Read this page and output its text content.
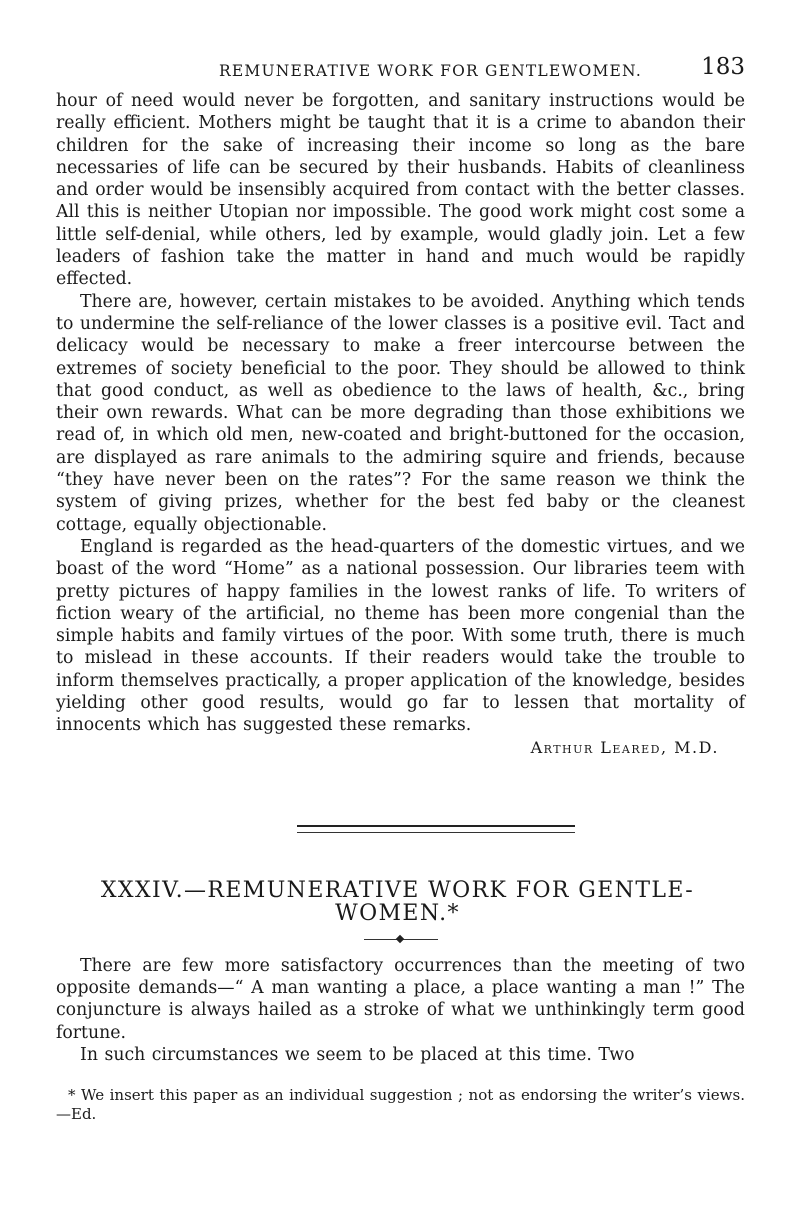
REMUNERATIVE WORK FOR GENTLEWOMEN.	183

hour of need would never be forgotten, and sanitary instructions would be really efficient. Mothers might be taught that it is a crime to abandon their children for the sake of increasing their income so long as the bare necessaries of life can be secured by their husbands. Habits of cleanliness and order would be insensibly acquired from contact with the better classes. All this is neither Utopian nor impossible. The good work might cost some a little self-denial, while others, led by example, would gladly join. Let a few leaders of fashion take the matter in hand and much would be rapidly effected.

There are, however, certain mistakes to be avoided. Anything which tends to undermine the self-reliance of the lower classes is a positive evil. Tact and delicacy would be necessary to make a freer intercourse between the extremes of society beneficial to the poor. They should be allowed to think that good conduct, as well as obedience to the laws of health, &c., bring their own rewards. What can be more degrading than those exhibitions we read of, in which old men, new-coated and bright-buttoned for the occasion, are displayed as rare animals to the admiring squire and friends, because “they have never been on the rates”? For the same reason we think the system of giving prizes, whether for the best fed baby or the cleanest cottage, equally objectionable.

England is regarded as the head-quarters of the domestic virtues, and we boast of the word “Home” as a national possession. Our libraries teem with pretty pictures of happy families in the lowest ranks of life. To writers of fiction weary of the artificial, no theme has been more congenial than the simple habits and family virtues of the poor. With some truth, there is much to mislead in these accounts. If their readers would take the trouble to inform themselves practically, a proper application of the knowledge, besides yielding other good results, would go far to lessen that mortality of innocents which has suggested these remarks.

Arthur Leared, M.D.
XXXIV.—REMUNERATIVE WORK FOR GENTLE-
WOMEN.*

There are few more satisfactory occurrences than the meeting of two opposite demands—“ A man wanting a place, a place wanting a man !” The conjuncture is always hailed as a stroke of what we unthinkingly term good fortune.

In such circumstances we seem to be placed at this time. Two

* We insert this paper as an individual suggestion ; not as endorsing the writer’s views.—Ed.
